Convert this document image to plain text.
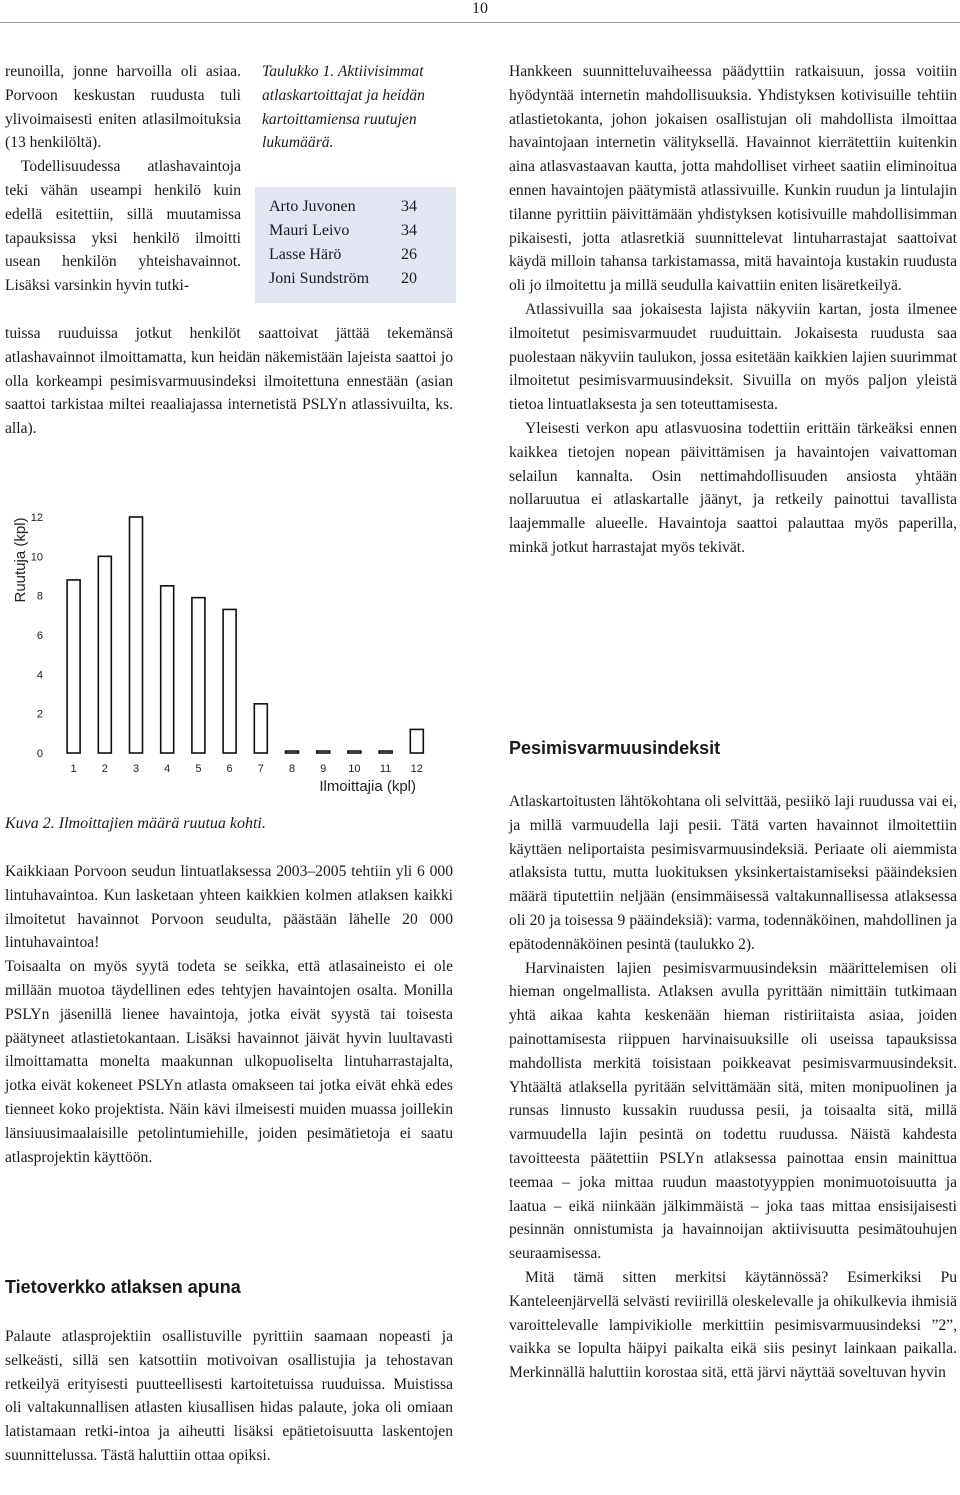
10

reunoilla, jonne harvoilla oli asiaa. Porvoon keskustan ruudusta tuli ylivoimaisesti eniten atlasilmoituksia (13 henkilöltä).

Todellisuudessa atlashavaintoja teki vähän useampi henkilö kuin edellä esitettiin, sillä muutamissa tapauksissa yksi henkilö ilmoitti usean henkilön yhteishavainnot. Lisäksi varsinkin hyvin tutki-

Taulukko 1. Aktiivisimmat atlaskartoittajat ja heidän kartoittamiensa ruutujen lukumäärä.
Arto Juvonen	34
Mauri Leivo	34
Lasse Härö	26
Joni Sundström	20
tuissa ruuduissa jotkut henkilöt saattoivat jättää tekemänsä atlashavainnot ilmoittamatta, kun heidän näkemistään lajeista saattoi jo olla korkeampi pesimisvarmuusindeksi ilmoitettuna ennestään (asian saattoi tarkistaa miltei reaaliajassa internetistä PSLYn atlassivuilta, ks. alla).
0
2
4
6
8
10
12
Ruutuja (kpl)
1 2 3 4 5 6 7 8 9 10 11 12
Ilmoittajia (kpl)
Kuva 2. Ilmoittajien määrä ruutua kohti.

Kaikkiaan Porvoon seudun lintuatlaksessa 2003–2005 tehtiin yli 6 000 lintuhavaintoa. Kun lasketaan yhteen kaikkien kolmen atlaksen kaikki ilmoitetut havainnot Porvoon seudulta, päästään lähelle 20 000 lintuhavaintoa!

Toisaalta on myös syytä todeta se seikka, että atlasaineisto ei ole millään muotoa täydellinen edes tehtyjen havaintojen osalta. Monilla PSLYn jäsenillä lienee havaintoja, jotka eivät syystä tai toisesta päätyneet atlastietokantaan. Lisäksi havainnot jäivät hyvin luultavasti ilmoittamatta monelta maakunnan ulkopuoliselta lintuharrastajalta, jotka eivät kokeneet PSLYn atlasta omakseen tai jotka eivät ehkä edes tienneet koko projektista. Näin kävi ilmeisesti muiden muassa joillekin länsiuusimaalaisille petolintumiehille, joiden pesimätietoja ei saatu atlasprojektin käyttöön.

Tietoverkko atlaksen apuna
Palaute atlasprojektiin osallistuville pyrittiin saamaan nopeasti ja selkeästi, sillä sen katsottiin motivoivan osallistujia ja tehostavan retkeilyä erityisesti puutteellisesti kartoitetuissa ruuduissa. Muistissa oli valtakunnallisen atlasten kiusallisen hidas palaute, joka oli omiaan latistamaan retki-intoa ja aiheutti lisäksi epätietoisuutta laskentojen suunnittelussa. Tästä haluttiin ottaa opiksi.

Hankkeen suunnitteluvaiheessa päädyttiin ratkaisuun, jossa voitiin hyödyntää internetin mahdollisuuksia. Yhdistyksen kotivisuille tehtiin atlastietokanta, johon jokaisen osallistujan oli mahdollista ilmoittaa havaintojaan internetin välityksellä. Havainnot kierrätettiin kuitenkin aina atlasvastaavan kautta, jotta mahdolliset virheet saatiin eliminoitua ennen havaintojen päätymistä atlassivuille. Kunkin ruudun ja lintulajin tilanne pyrittiin päivittämään yhdistyksen kotisivuille mahdollisimman pikaisesti, jotta atlasretkiä suunnittelevat lintuharrastajat saattoivat käydä milloin tahansa tarkistamassa, mitä havaintoja kustakin ruudusta oli jo ilmoitettu ja millä seudulla kaivattiin eniten lisäretkeilyä.

Atlassivuilla saa jokaisesta lajista näkyviin kartan, josta ilmenee ilmoitetut pesimisvarmuudet ruuduittain. Jokaisesta ruudusta saa puolestaan näkyviin taulukon, jossa esitetään kaikkien lajien suurimmat ilmoitetut pesimisvarmuusindeksit. Sivuilla on myös paljon yleistä tietoa lintuatlaksesta ja sen toteuttamisesta.

Yleisesti verkon apu atlasvuosina todettiin erittäin tärkeäksi ennen kaikkea tietojen nopean päivittämisen ja havaintojen vaivattoman selailun kannalta. Osin nettimahdollisuuden ansiosta yhtään nollaruutua ei atlaskartalle jäänyt, ja retkeily painottui tavallista laajemmalle alueelle. Havaintoja saattoi palauttaa myös paperilla, minkä jotkut harrastajat myös tekivät.

Pesimisvarmuusindeksit

Atlaskartoitusten lähtökohtana oli selvittää, pesiikö laji ruudussa vai ei, ja millä varmuudella laji pesii. Tätä varten havainnot ilmoitettiin käyttäen neliportaista pesimisvarmuusindeksiä. Periaate oli aiemmista atlaksista tuttu, mutta luokituksen yksinkertaistamiseksi pääindeksien määrä tiputettiin neljään (ensimmäisessä valtakunnallisessa atlaksessa oli 20 ja toisessa 9 pääindeksiä): varma, todennäköinen, mahdollinen ja epätodennäköinen pesintä (taulukko 2).

Harvinaisten lajien pesimisvarmuusindeksin määrittelemisen oli hieman ongelmallista. Atlaksen avulla pyrittään nimittäin tutkimaan yhtä aikaa kahta keskenään hieman ristiriitaista asiaa, joiden painottamisesta riippuen harvinaisuuksille oli useissa tapauksissa mahdollista merkitä toisistaan poikkeavat pesimisvarmuusindeksit. Yhtäältä atlaksella pyritään selvittämään sitä, miten monipuolinen ja runsas linnusto kussakin ruudussa pesii, ja toisaalta sitä, millä varmuudella lajin pesintä on todettu ruudussa. Näistä kahdesta tavoitteesta päätettiin PSLYn atlaksessa painottaa ensin mainittua teemaa – joka mittaa ruudun maastotyyppien monimuotoisuutta ja laatua – eikä niinkään jälkimmäistä – joka taas mittaa ensisijaisesti pesinnän onnistumista ja havainnoijan aktiivisuutta pesimätouhujen seuraamisessa.

Mitä tämä sitten merkitsi käytännössä? Esimerkiksi Pu Kanteleenjärvellä selvästi reviirillä oleskelevalle ja ohikulkevia ihmisiä varoittelevalle lampivikiolle merkittiin pesimisvarmuusindeksi ”2”, vaikka se lopulta häipyi paikalta eikä siis pesinyt lainkaan paikalla. Merkinnällä haluttiin korostaa sitä, että järvi näyttää soveltuvan hyvin
